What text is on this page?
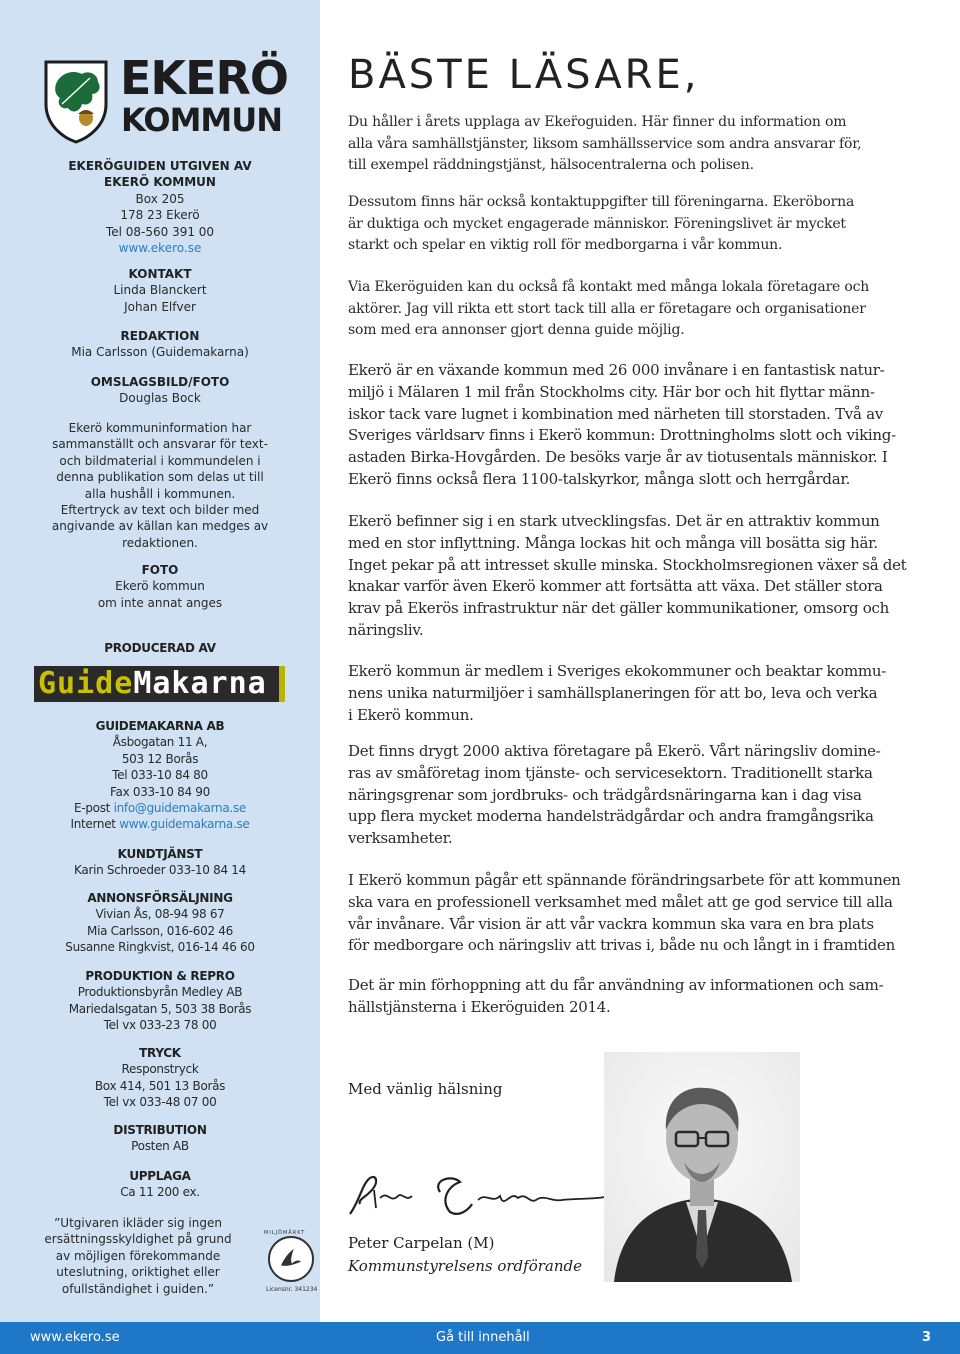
EKERÖ
KOMMUN
EKERÖGUIDEN UTGIVEN AV
EKERÖ KOMMUN
Box 205
178 23 Ekerö
Tel 08-560 391 00
www.ekero.se
KONTAKT
Linda Blanckert
Johan Elfver
REDAKTION
Mia Carlsson (Guidemakarna)
OMSLAGSBILD/FOTO
Douglas Bock
Ekerö kommuninformation har
sammanställt och ansvarar för text-
och bildmaterial i kommundelen i
denna publikation som delas ut till
alla hushåll i kommunen.
Eftertryck av text och bilder med
angivande av källan kan medges av
redaktionen.
FOTO
Ekerö kommun
om inte annat anges
PRODUCERAD AV
GuideMakarna
GUIDEMAKARNA AB
Åsbogatan 11 A,
503 12 Borås
Tel 033-10 84 80
Fax 033-10 84 90
E-post info@guidemakarna.se
Internet www.guidemakarna.se
KUNDTJÄNST
Karin Schroeder 033-10 84 14
ANNONSFÖRSÄLJNING
Vivian Ås, 08-94 98 67
Mia Carlsson, 016-602 46
Susanne Ringkvist, 016-14 46 60
PRODUKTION & REPRO
Produktionsbyrån Medley AB
Mariedalsgatan 5, 503 38 Borås
Tel vx 033-23 78 00
TRYCK
Responstryck
Box 414, 501 13 Borås
Tel vx 033-48 07 00
DISTRIBUTION
Posten AB
UPPLAGA
Ca 11 200 ex.
”Utgivaren ikläder sig ingen
ersättningsskyldighet på grund
av möjligen förekommande
uteslutning, oriktighet eller
ofullständighet i guiden.”
MILJÖMÄRKT
Licensnr. 341234
BÄSTE LÄSARE,

Du håller i årets upplaga av Eker̈oguiden. Här finner du information om
alla våra samhällstjänster, liksom samhällsservice som andra ansvarar för,
till exempel räddningstjänst, hälsocentralerna och polisen.

Dessutom finns här också kontaktuppgifter till föreningarna. Ekeröborna
är duktiga och mycket engagerade människor. Föreningslivet är mycket
starkt och spelar en viktig roll för medborgarna i vår kommun.

Via Ekeröguiden kan du också få kontakt med många lokala företagare och
aktörer. Jag vill rikta ett stort tack till alla er företagare och organisationer
som med era annonser gjort denna guide möjlig.

Ekerö är en växande kommun med 26 000 invånare i en fantastisk natur-
miljö i Mälaren 1 mil från Stockholms city. Här bor och hit flyttar männ-
iskor tack vare lugnet i kombination med närheten till storstaden. Två av
Sveriges världsarv finns i Ekerö kommun: Drottningholms slott och viking-
astaden Birka-Hovgården. De besöks varje år av tiotusentals människor. I
Ekerö finns också flera 1100-talskyrkor, många slott och herrgårdar.

Ekerö befinner sig i en stark utvecklingsfas. Det är en attraktiv kommun
med en stor inflyttning. Många lockas hit och många vill bosätta sig här.
Inget pekar på att intresset skulle minska. Stockholmsregionen växer så det
knakar varför även Ekerö kommer att fortsätta att växa. Det ställer stora
krav på Ekerös infrastruktur när det gäller kommunikationer, omsorg och
näringsliv.

Ekerö kommun är medlem i Sveriges ekokommuner och beaktar kommu-
nens unika naturmiljöer i samhällsplaneringen för att bo, leva och verka
i Ekerö kommun.

Det finns drygt 2000 aktiva företagare på Ekerö. Vårt näringsliv domine-
ras av småföretag inom tjänste- och servicesektorn. Traditionellt starka
näringsgrenar som jordbruks- och trädgårdsnäringarna kan i dag visa
upp flera mycket moderna handelsträdgårdar och andra framgångsrika
verksamheter.

I Ekerö kommun pågår ett spännande förändringsarbete för att kommunen
ska vara en professionell verksamhet med målet att ge god service till alla
vår invånare. Vår vision är att vår vackra kommun ska vara en bra plats
för medborgare och näringsliv att trivas i, både nu och långt in i framtiden

Det är min förhoppning att du får användning av informationen och sam-
hällstjänsterna i Ekeröguiden 2014.

Med vänlig hälsning
Peter Carpelan (M)
Kommunstyrelsens ordförande
www.ekero.se	Gå till innehåll	3
